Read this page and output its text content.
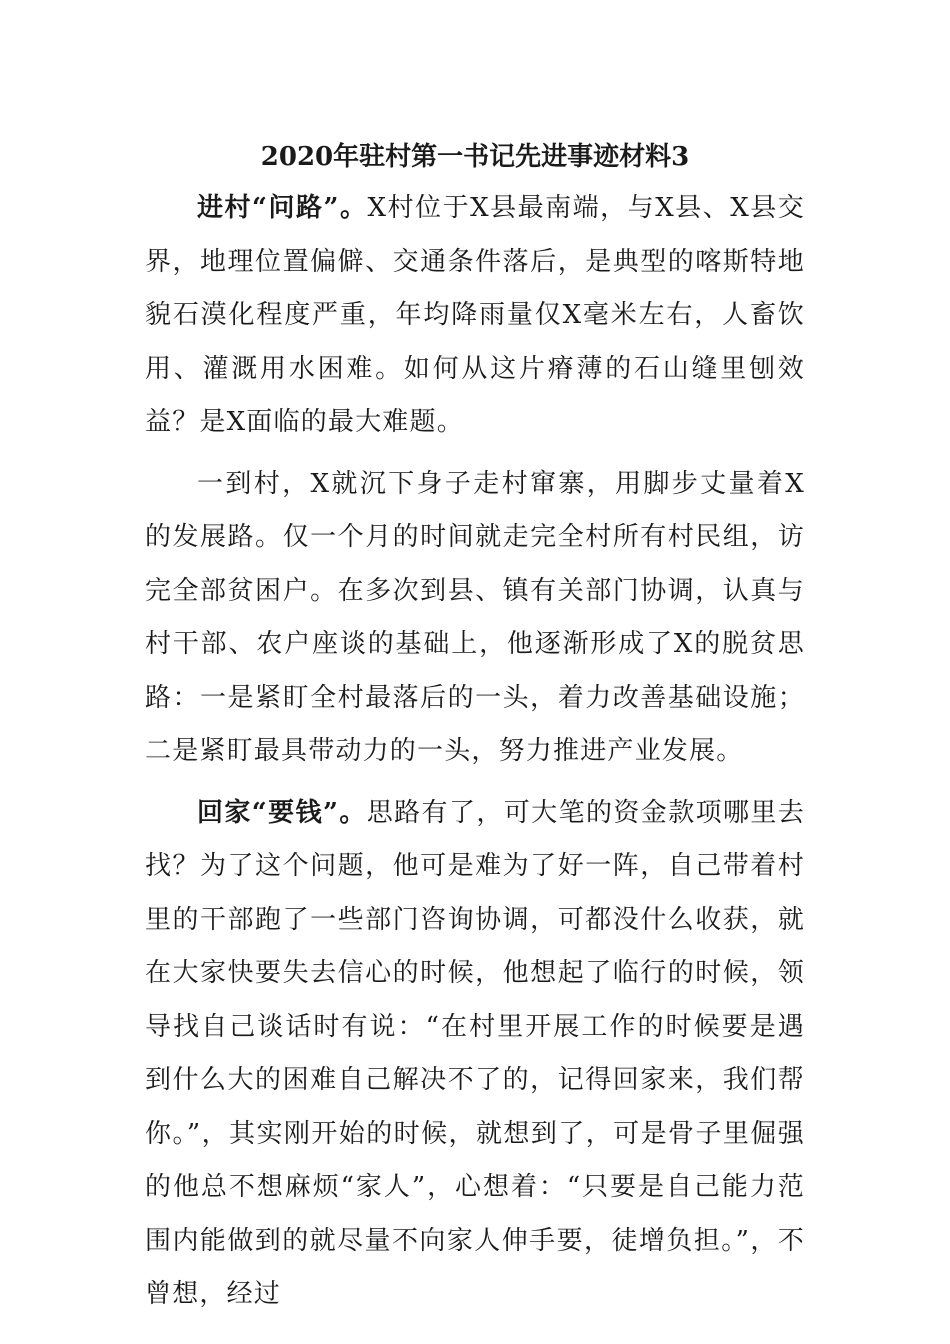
2020年驻村第一书记先进事迹材料3

进村“问路”。X村位于X县最南端，与X县、X县交界，地理位置偏僻、交通条件落后，是典型的喀斯特地貌石漠化程度严重，年均降雨量仅X毫米左右，人畜饮用、灌溉用水困难。如何从这片瘠薄的石山缝里刨效益？是X面临的最大难题。

一到村，X就沉下身子走村窜寨，用脚步丈量着X的发展路。仅一个月的时间就走完全村所有村民组，访完全部贫困户。在多次到县、镇有关部门协调，认真与村干部、农户座谈的基础上，他逐渐形成了X的脱贫思路：一是紧盯全村最落后的一头，着力改善基础设施；二是紧盯最具带动力的一头，努力推进产业发展。

回家“要钱”。思路有了，可大笔的资金款项哪里去找？为了这个问题，他可是难为了好一阵，自己带着村里的干部跑了一些部门咨询协调，可都没什么收获，就在大家快要失去信心的时候，他想起了临行的时候，领导找自己谈话时有说：“在村里开展工作的时候要是遇到什么大的困难自己解决不了的，记得回家来，我们帮你。”，其实刚开始的时候，就想到了，可是骨子里倔强的他总不想麻烦“家人”，心想着：“只要是自己能力范围内能做到的就尽量不向家人伸手要，徒增负担。”，不曾想，经过
